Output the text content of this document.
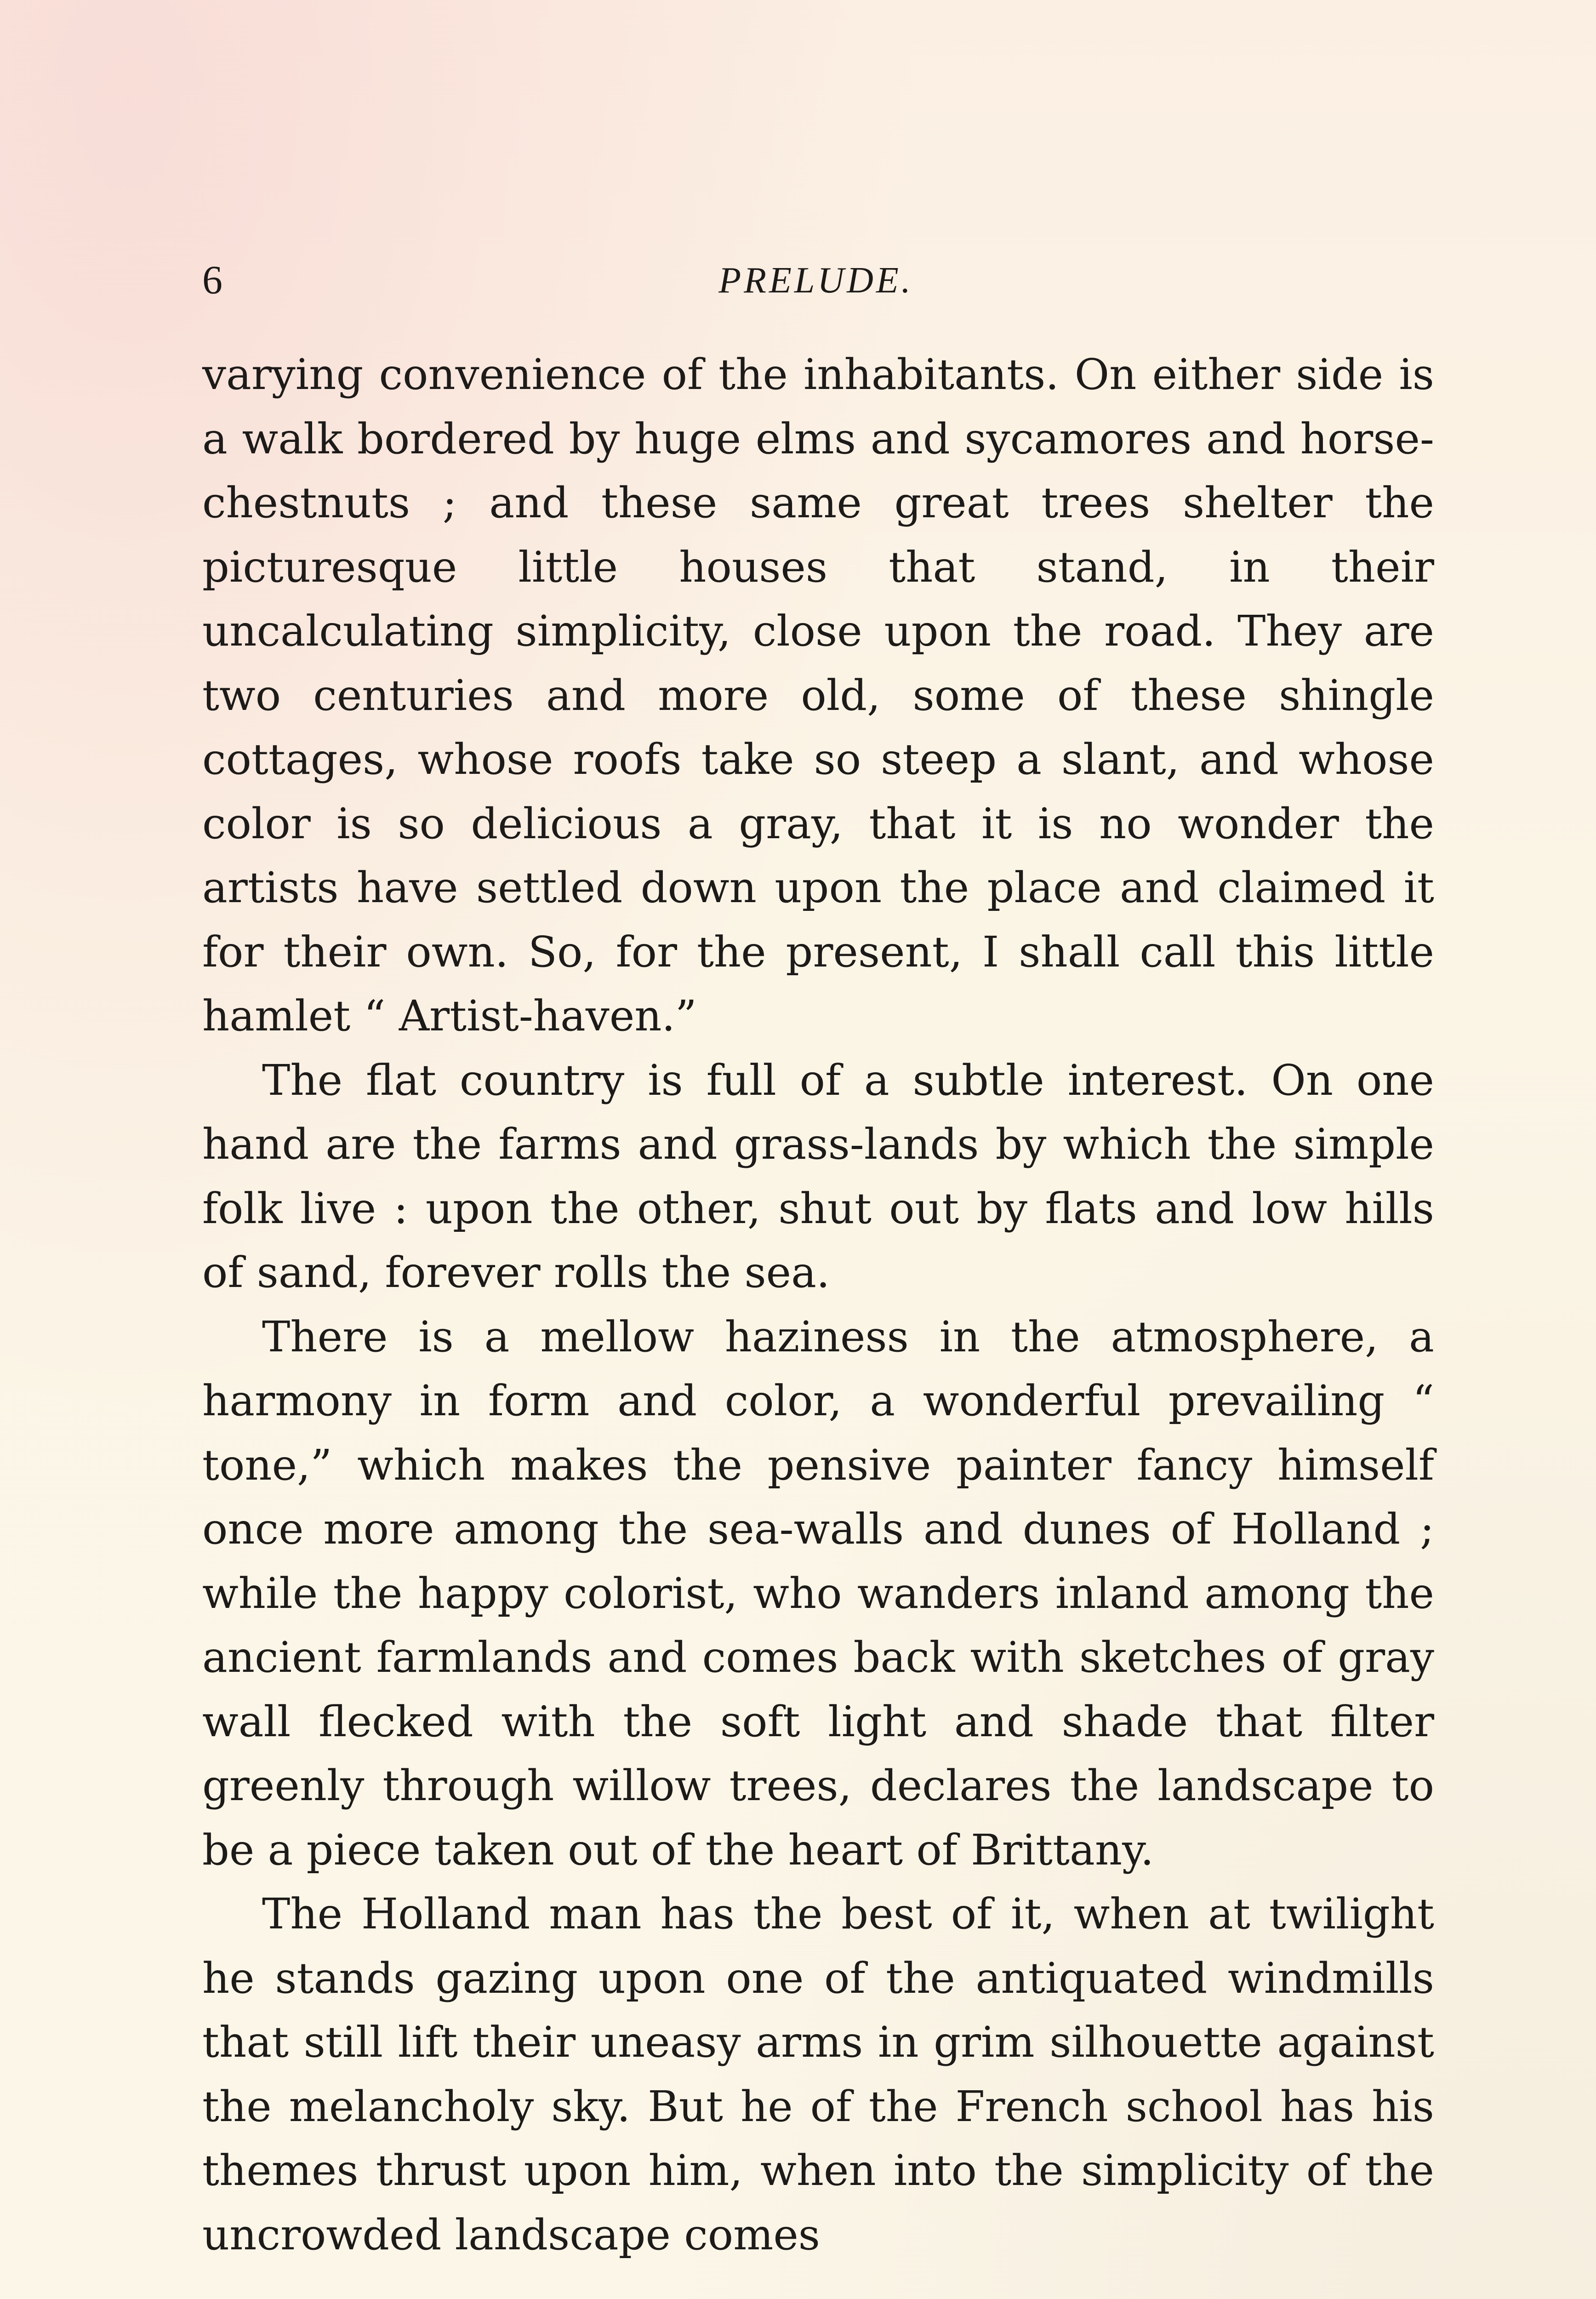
6	PRELUDE.

varying convenience of the inhabitants. On either side is a walk bordered by huge elms and sycamores and horse-chestnuts ; and these same great trees shelter the picturesque little houses that stand, in their uncalculating simplicity, close upon the road. They are two centuries and more old, some of these shingle cottages, whose roofs take so steep a slant, and whose color is so delicious a gray, that it is no wonder the artists have settled down upon the place and claimed it for their own. So, for the present, I shall call this little hamlet “ Artist-haven.”

The flat country is full of a subtle interest. On one hand are the farms and grass-lands by which the simple folk live : upon the other, shut out by flats and low hills of sand, forever rolls the sea.

There is a mellow haziness in the atmosphere, a harmony in form and color, a wonderful prevailing “ tone,” which makes the pensive painter fancy himself once more among the sea-walls and dunes of Holland ; while the happy colorist, who wanders inland among the ancient farmlands and comes back with sketches of gray wall flecked with the soft light and shade that filter greenly through willow trees, declares the landscape to be a piece taken out of the heart of Brittany.

The Holland man has the best of it, when at twilight he stands gazing upon one of the antiquated windmills that still lift their uneasy arms in grim silhouette against the melancholy sky. But he of the French school has his themes thrust upon him, when into the simplicity of the uncrowded landscape comes
